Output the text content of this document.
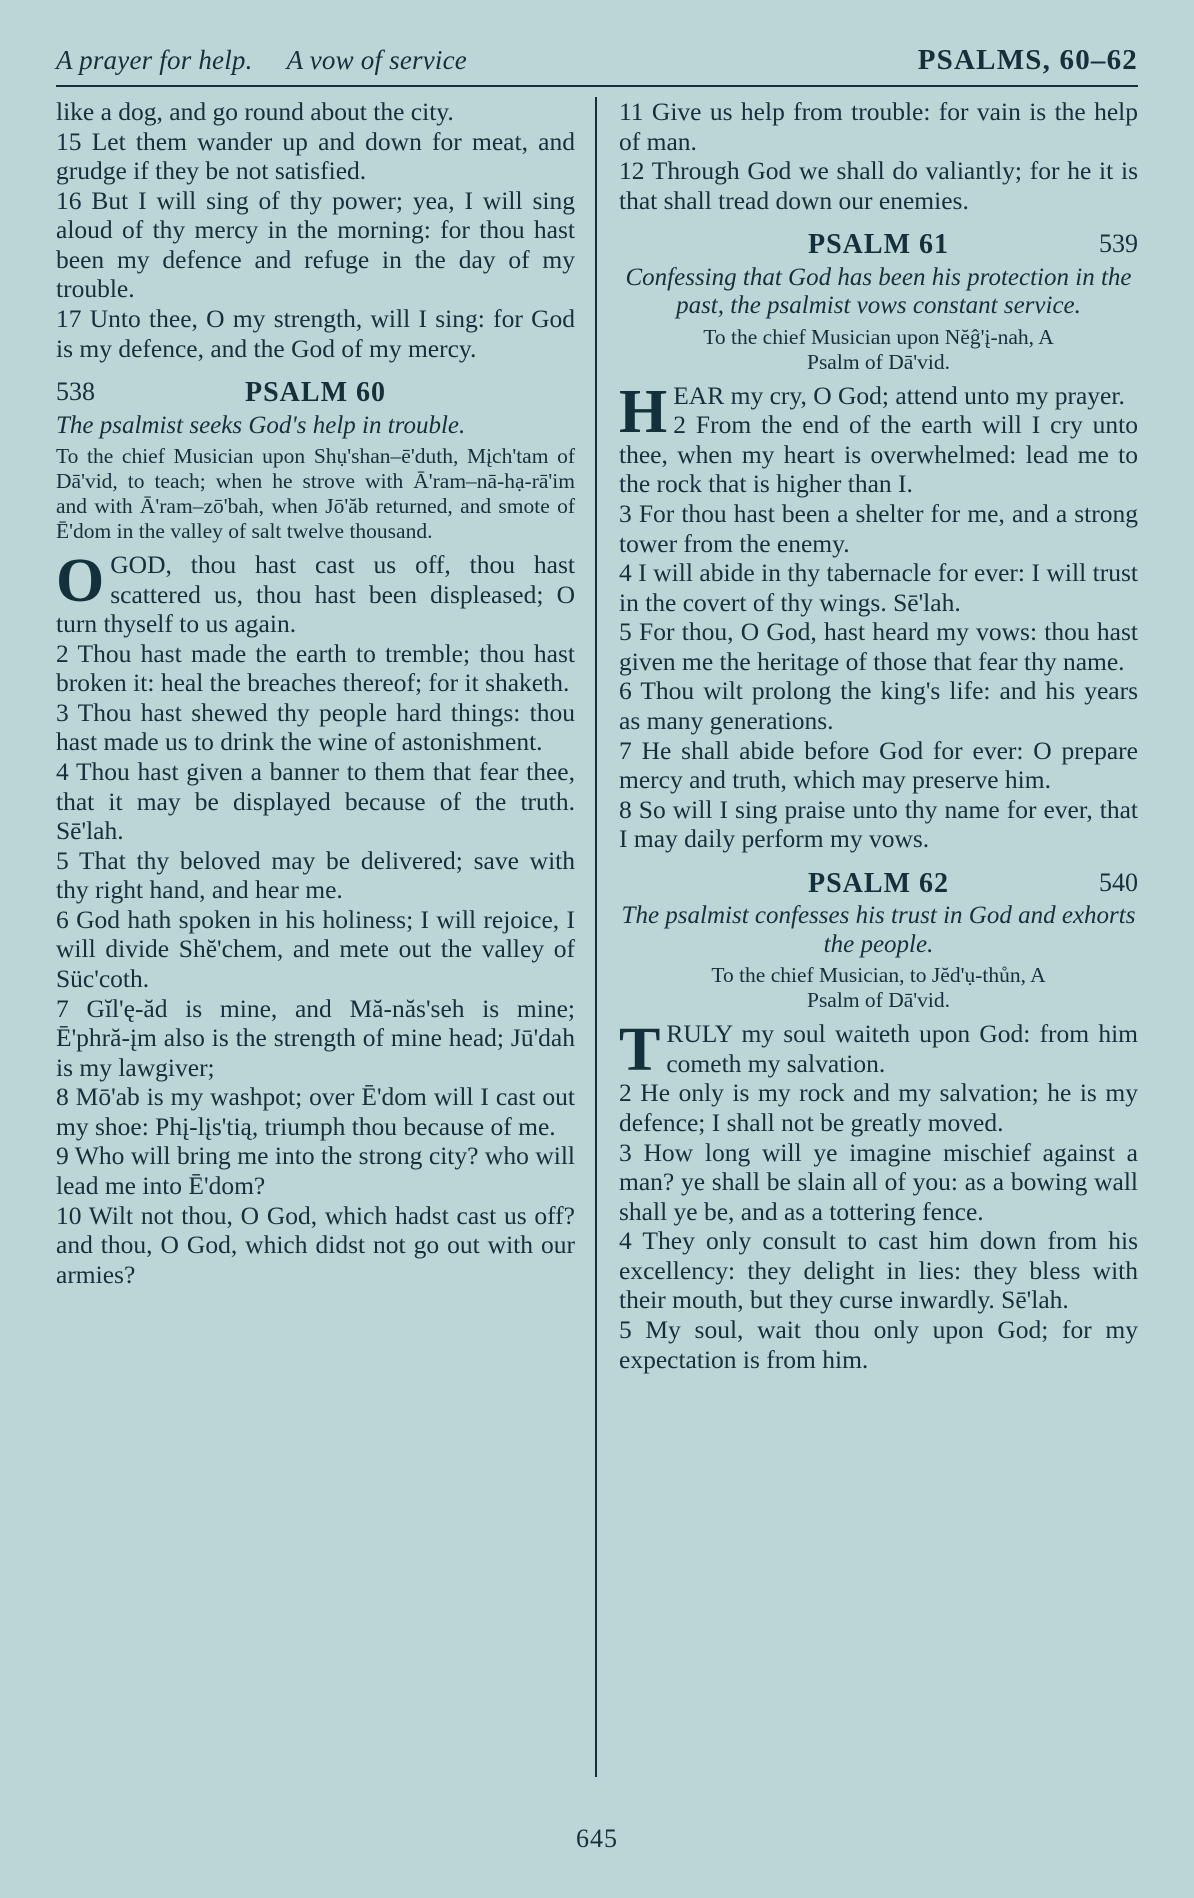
A prayer for help. A vow of service	PSALMS, 60–62

like a dog, and go round about the city.

15 Let them wander up and down for meat, and grudge if they be not satisfied.

16 But I will sing of thy power; yea, I will sing aloud of thy mercy in the morning: for thou hast been my defence and refuge in the day of my trouble.

17 Unto thee, O my strength, will I sing: for God is my defence, and the God of my mercy.

538	PSALM 60

The psalmist seeks God's help in trouble.

To the chief Musician upon Shụ'shan–ē'duth, Mįch'tam of Dā'vid, to teach; when he strove with Ā'ram–nā-hạ-rā'im and with Ā'ram–zō'bah, when Jō'ăb returned, and smote of Ē'dom in the valley of salt twelve thousand.

O GOD, thou hast cast us off, thou hast scattered us, thou hast been displeased; O turn thyself to us again.

2 Thou hast made the earth to tremble; thou hast broken it: heal the breaches thereof; for it shaketh.

3 Thou hast shewed thy people hard things: thou hast made us to drink the wine of astonishment.

4 Thou hast given a banner to them that fear thee, that it may be displayed because of the truth. Sē'lah.

5 That thy beloved may be delivered; save with thy right hand, and hear me.

6 God hath spoken in his holiness; I will rejoice, I will divide Shĕ'chem, and mete out the valley of Süc'coth.

7 Gĭl'ę-ăd is mine, and Mă-năs'seh is mine; Ē'phră-įm also is the strength of mine head; Jū'dah is my lawgiver;

8 Mō'ab is my washpot; over Ē'dom will I cast out my shoe: Phį-lįs'tią, triumph thou because of me.

9 Who will bring me into the strong city? who will lead me into Ē'dom?

10 Wilt not thou, O God, which hadst cast us off? and thou, O God, which didst not go out with our armies?

11 Give us help from trouble: for vain is the help of man.

12 Through God we shall do valiantly; for he it is that shall tread down our enemies.

PSALM 61	539

Confessing that God has been his protection in the past, the psalmist vows constant service.

To the chief Musician upon Nĕĝ'į-nah, A
Psalm of Dā'vid.

H EAR my cry, O God; attend unto my prayer.

2 From the end of the earth will I cry unto thee, when my heart is overwhelmed: lead me to the rock that is higher than I.

3 For thou hast been a shelter for me, and a strong tower from the enemy.

4 I will abide in thy tabernacle for ever: I will trust in the covert of thy wings. Sē'lah.

5 For thou, O God, hast heard my vows: thou hast given me the heritage of those that fear thy name.

6 Thou wilt prolong the king's life: and his years as many generations.

7 He shall abide before God for ever: O prepare mercy and truth, which may preserve him.

8 So will I sing praise unto thy name for ever, that I may daily perform my vows.

PSALM 62	540

The psalmist confesses his trust in God and exhorts the people.

To the chief Musician, to Jĕd'ụ-thůn, A
Psalm of Dā'vid.

T RULY my soul waiteth upon God: from him cometh my salvation.

2 He only is my rock and my salvation; he is my defence; I shall not be greatly moved.

3 How long will ye imagine mischief against a man? ye shall be slain all of you: as a bowing wall shall ye be, and as a tottering fence.

4 They only consult to cast him down from his excellency: they delight in lies: they bless with their mouth, but they curse inwardly. Sē'lah.

5 My soul, wait thou only upon God; for my expectation is from him.

645
